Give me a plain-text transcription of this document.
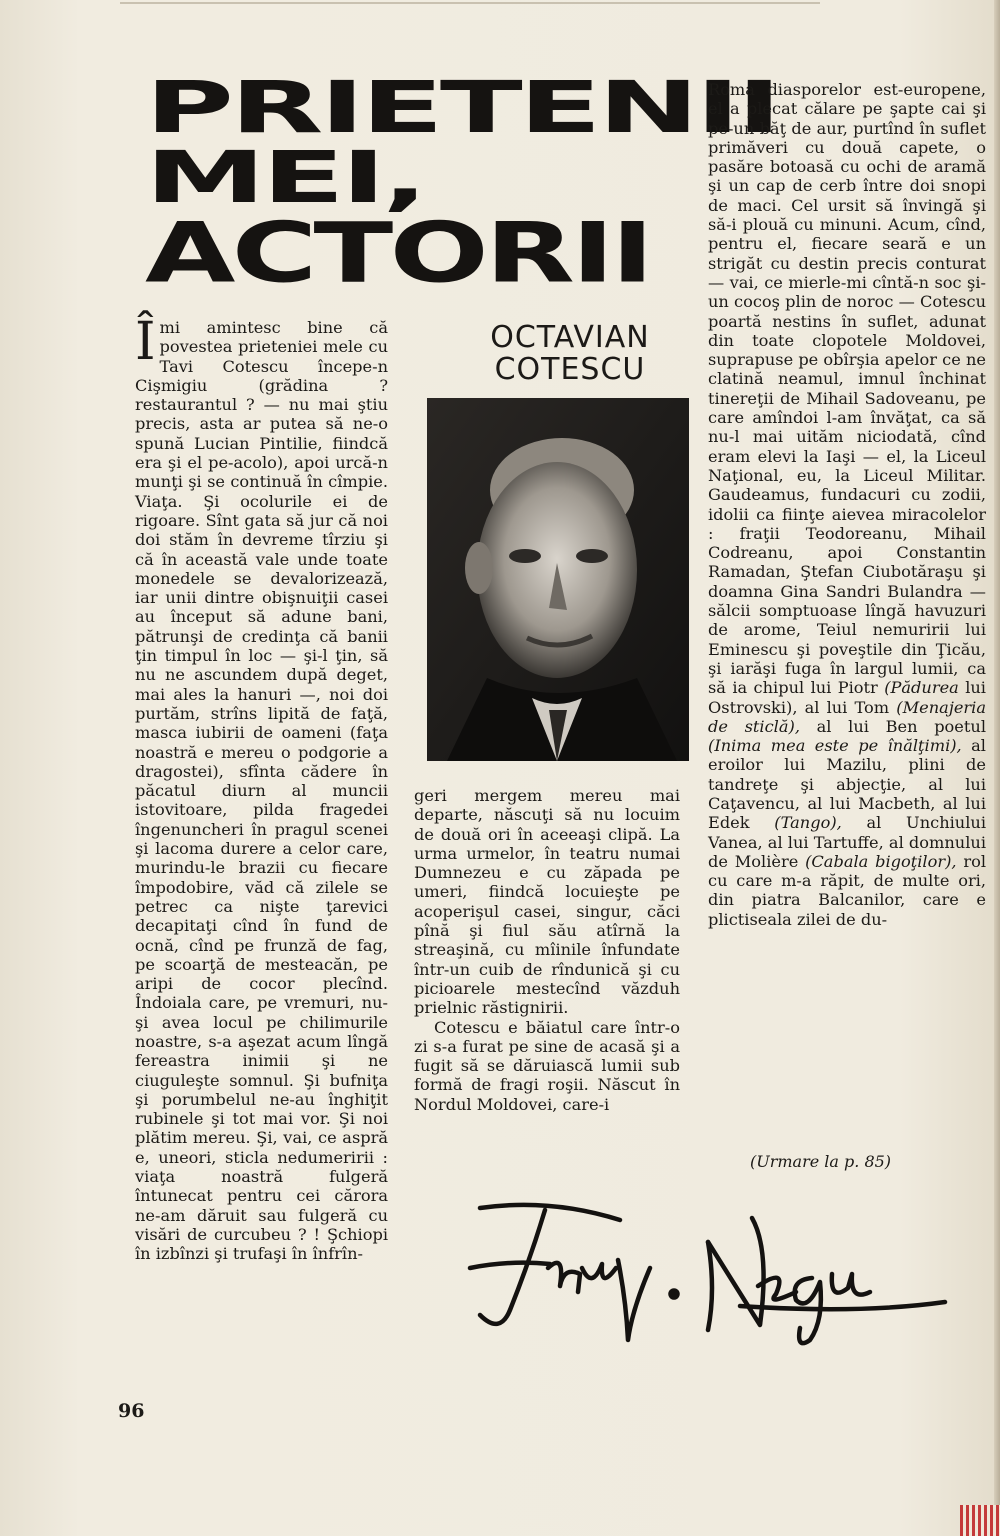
PRIETENII
MEI,
ACTORII

Îmi amintesc bine că povestea prieteniei mele cu Tavi Cotescu începe-n Cişmigiu (grădina ? restaurantul ? — nu mai ştiu precis, asta ar putea să ne-o spună Lucian Pintilie, fiindcă era şi el pe-acolo), apoi urcă-n munţi şi se continuă în cîmpie. Viaţa. Şi ocolurile ei de rigoare. Sînt gata să jur că noi doi stăm în devreme tîrziu şi că în această vale unde toate monedele se devalorizează, iar unii dintre obişnuiţii casei au început să adune bani, pătrunşi de credinţa că banii ţin timpul în loc — şi-l ţin, să nu ne ascundem după deget, mai ales la hanuri —, noi doi purtăm, strîns lipită de faţă, masca iubirii de oameni (faţa noastră e mereu o podgorie a dragostei), sfînta cădere în păcatul diurn al muncii istovitoare, pilda fragedei îngenuncheri în pragul scenei şi lacoma durere a celor care, murindu-le brazii cu fiecare împodobire, văd că zilele se petrec ca nişte ţarevici decapitaţi cînd în fund de ocnă, cînd pe frunză de fag, pe scoarţă de mesteacăn, pe aripi de cocor plecînd. Îndoiala care, pe vremuri, nu-şi avea locul pe chilimurile noastre, s-a aşezat acum lîngă fereastra inimii şi ne ciuguleşte somnul. Şi bufniţa şi porumbelul ne-au înghiţit rubinele şi tot mai vor. Şi noi plătim mereu. Şi, vai, ce aspră e, uneori, sticla nedumeririi : viaţa noastră fulgeră întunecat pentru cei cărora ne-am dăruit sau fulgeră cu visări de curcubeu ? ! Şchiopi în izbînzi şi trufaşi în înfrîn-

OCTAVIAN
COTESCU

geri mergem mereu mai departe, născuţi să nu locuim de două ori în aceeaşi clipă. La urma urmelor, în teatru numai Dumnezeu e cu zăpada pe umeri, fiindcă locuieşte pe acoperişul casei, singur, căci pînă şi fiul său atîrnă la streaşină, cu mîinile înfundate într-un cuib de rîndunică şi cu picioarele mestecînd văzduh prielnic răstignirii.

Cotescu e băiatul care într-o zi s-a furat pe sine de acasă şi a fugit să se dăruiască lumii sub formă de fragi roşii. Născut în Nordul Moldovei, care-i

Roma diasporelor est-europene, el a plecat călare pe şapte cai şi pe-un băţ de aur, purtînd în suflet primăveri cu două capete, o pasăre botoasă cu ochi de aramă şi un cap de cerb între doi snopi de maci. Cel ursit să învingă şi să-i plouă cu minuni. Acum, cînd, pentru el, fiecare seară e un strigăt cu destin precis conturat — vai, ce mierle-mi cîntă-n soc şi-un cocoş plin de noroc — Cotescu poartă nestins în suflet, adunat din toate clopotele Moldovei, suprapuse pe obîrşia apelor ce ne clatină neamul, imnul închinat tinereţii de Mihail Sadoveanu, pe care amîndoi l-am învăţat, ca să nu-l mai uităm niciodată, cînd eram elevi la Iaşi — el, la Liceul Naţional, eu, la Liceul Militar. Gaudeamus, fundacuri cu zodii, idolii ca fiinţe aievea miracolelor : fraţii Teodoreanu, Mihail Codreanu, apoi Constantin Ramadan, Ştefan Ciubotăraşu şi doamna Gina Sandri Bulandra — sălcii somptuoase lîngă havuzuri de arome, Teiul nemuririi lui Eminescu şi poveştile din Ţicău, şi iarăşi fuga în largul lumii, ca să ia chipul lui Piotr (Pădurea lui Ostrovski), al lui Tom (Menajeria de sticlă), al lui Ben poetul (Inima mea este pe înălţimi), al eroilor lui Mazilu, plini de tandreţe şi abjecţie, al lui Caţavencu, al lui Macbeth, al lui Edek (Tango), al Unchiului Vanea, al lui Tartuffe, al domnului de Molière (Cabala bigoţilor), rol cu care m-a răpit, de multe ori, din piatra Balcanilor, care e plictiseala zilei de du-

(Urmare la p. 85)
96
